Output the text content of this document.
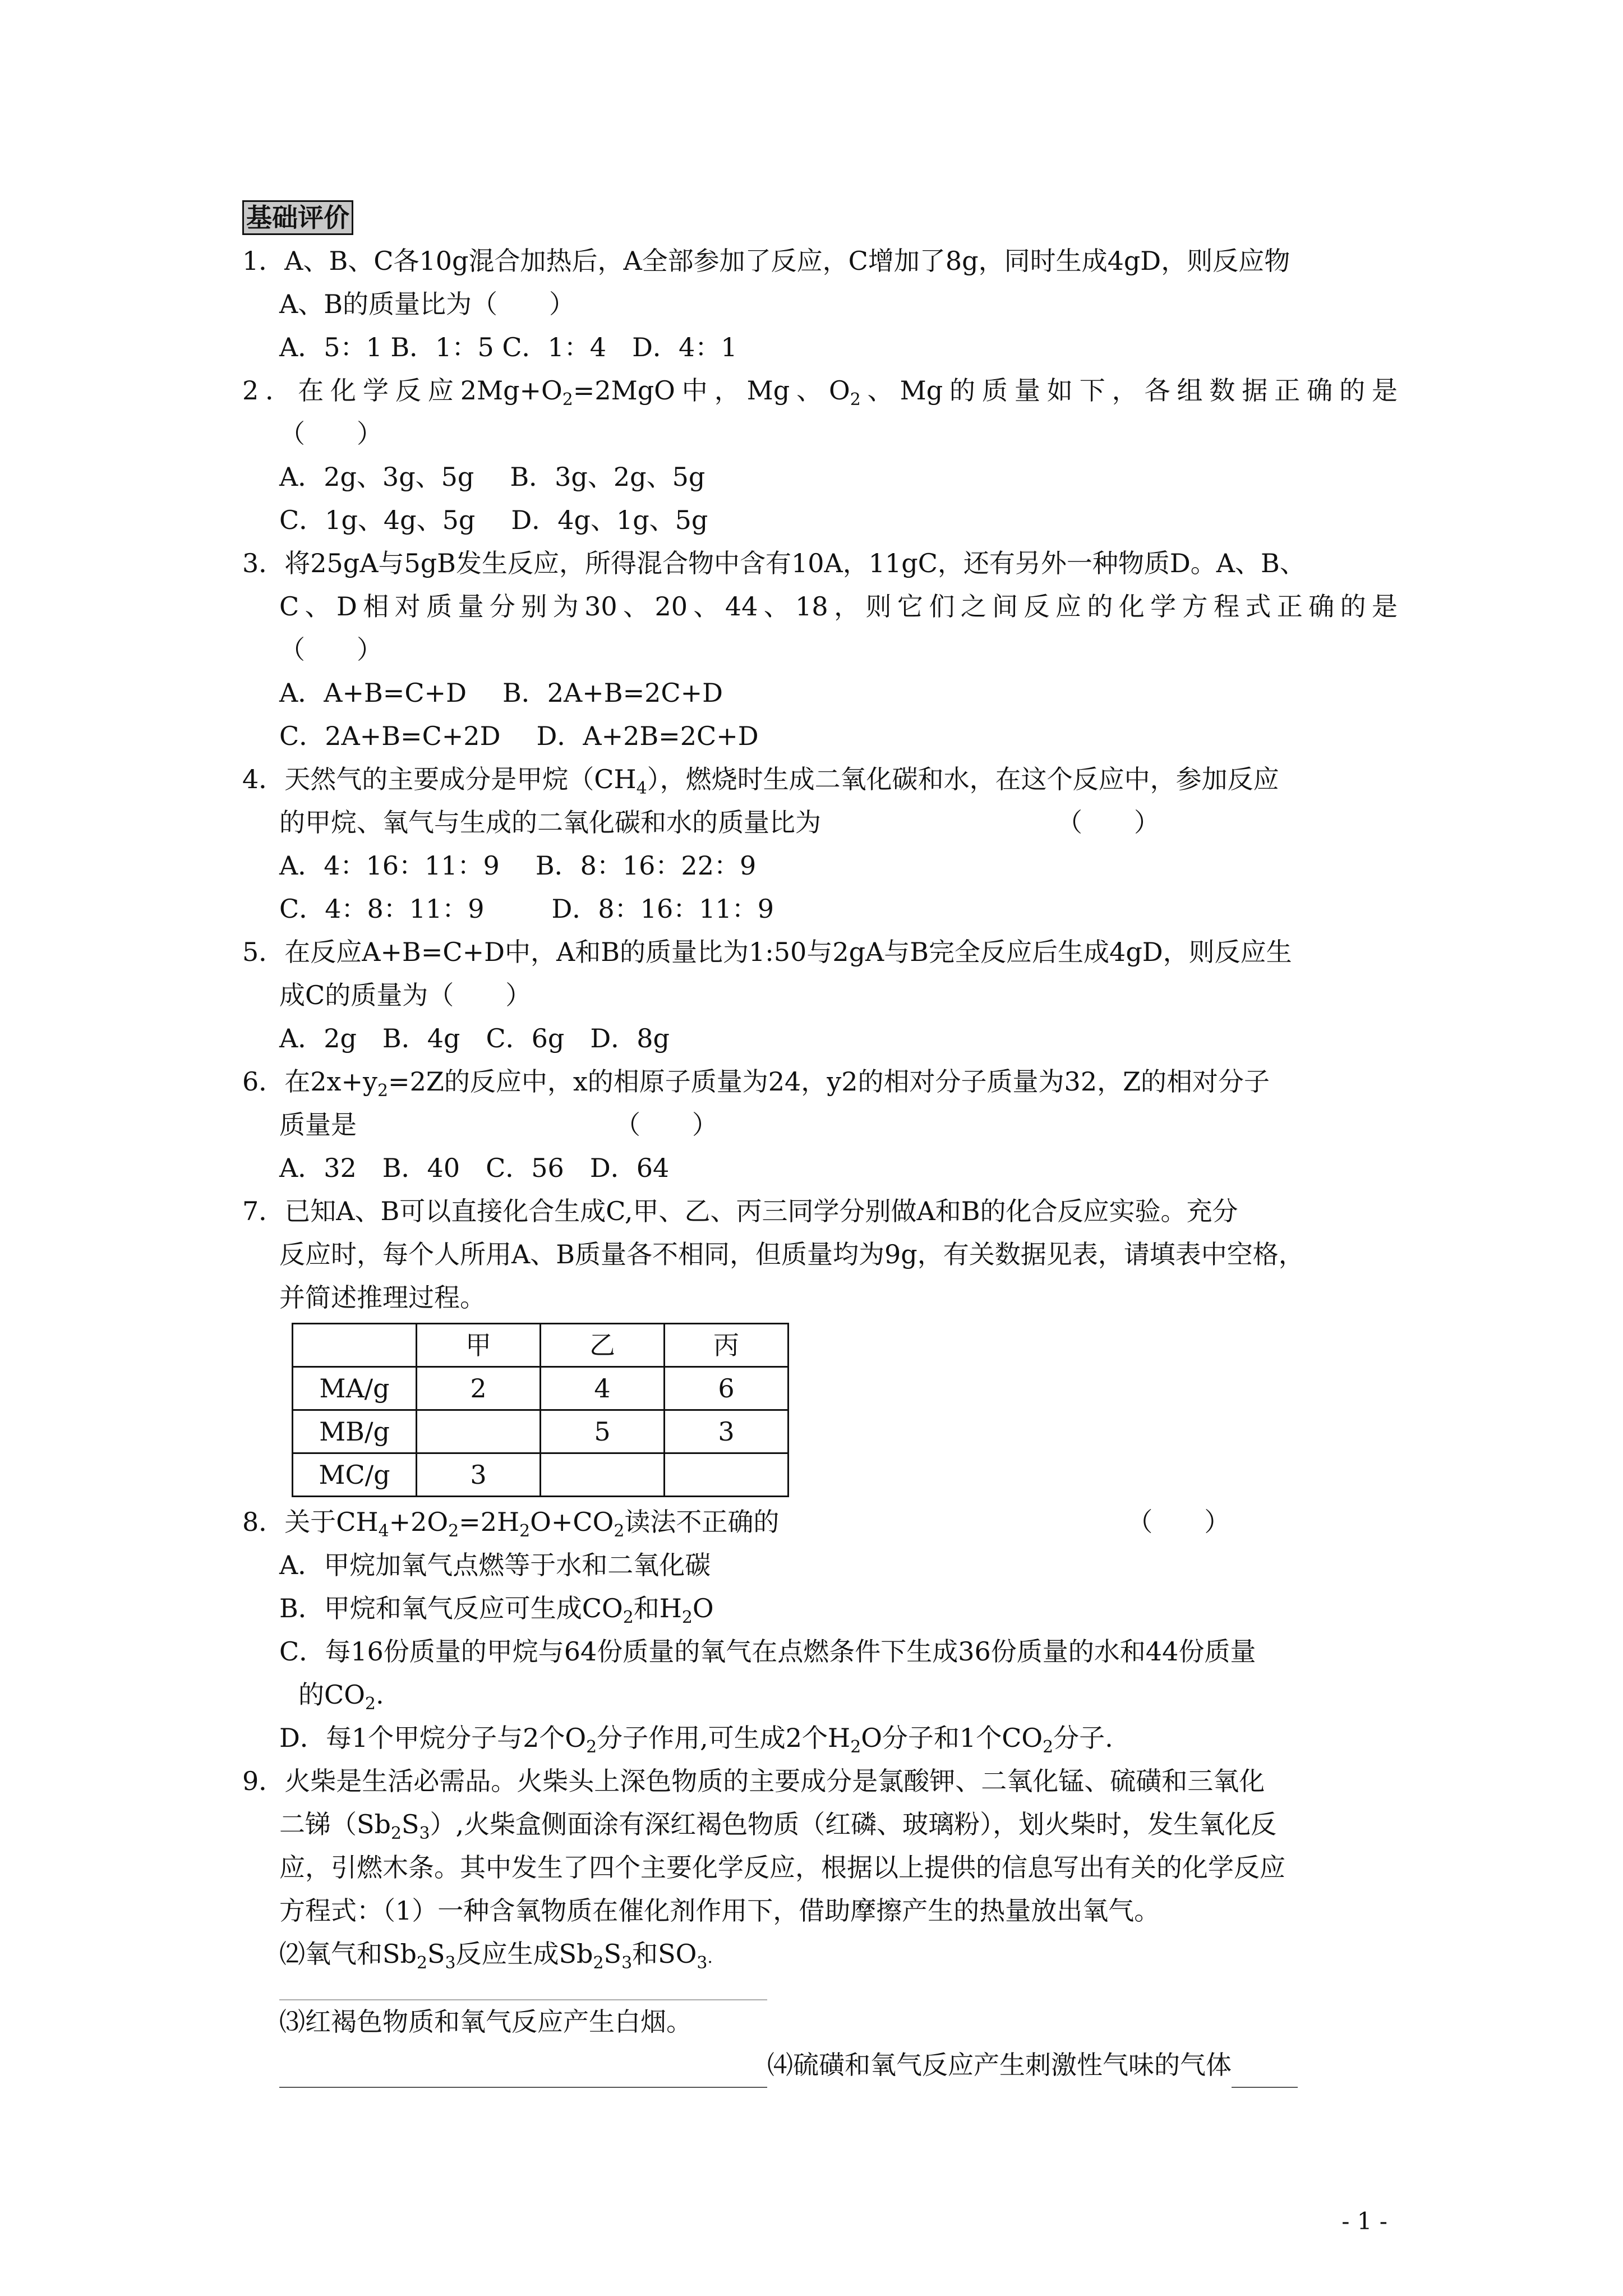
基础评价
1．A、B、C各10g混合加热后，A全部参加了反应，C增加了8g，同时生成4gD，则反应物
A、B的质量比为（　　）
A．5：1 B．1：5 C．1：4　D．4：1
2．在化学反应$2Mg+O_2=2MgO$中，Mg、$O_2$、Mg的质量如下，各组数据正确的是
（　　）
A．2g、3g、5g B．3g、2g、5g
C．1g、4g、5g D．4g、1g、5g
3．将25gA与5gB发生反应，所得混合物中含有10A，11gC，还有另外一种物质D。A、B、
C、D相对质量分别为30、20、44、18，则它们之间反应的化学方程式正确的是
（　　）
A．A+B=C+D B．2A+B=2C+D
C．2A+B=C+2D D．A+2B=2C+D
4．天然气的主要成分是甲烷$(CH_4)$，燃烧时生成二氧化碳和水，在这个反应中，参加反应
的甲烷、氧气与生成的二氧化碳和水的质量比为	（　　）
A．4：16：11：9 B．8：16：22：9
C．4：8：11：9	D．8：16：11：9
5．在反应A+B=C+D中，A和B的质量比为1:50与2gA与B完全反应后生成4gD，则反应生
成C的质量为（　　）
A．2g　B．4g　C．6g　D．8g
6．在$2x+y_2=2Z$的反应中，x的相原子质量为24，y2的相对分子质量为32，Z的相对分子
质量是	（　　）
A．32　B．40　C．56　D．64
7．已知A、B可以直接化合生成C,甲、乙、丙三同学分别做A和B的化合反应实验。充分
反应时，每个人所用A、B质量各不相同，但质量均为9g，有关数据见表，请填表中空格，
并简述推理过程。
	甲	乙	丙
MA/g	2	4	6
MB/g		5	3
MC/g	3		
8．关于$CH_4+2O_2=2H_2O+CO_2$读法不正确的	（　　）
A．甲烷加氧气点燃等于水和二氧化碳
B．甲烷和氧气反应可生成$CO_2$和$H_2O$
C．每16份质量的甲烷与64份质量的氧气在点燃条件下生成36份质量的水和44份质量
的$CO_2$.
D．每1个甲烷分子与2个$O_2$分子作用,可生成2个$H_2O$分子和1个$CO_2$分子.
9．火柴是生活必需品。火柴头上深色物质的主要成分是氯酸钾、二氧化锰、硫磺和三氧化
二锑$(Sb_2S_3)$,火柴盒侧面涂有深红褐色物质（红磷、玻璃粉），划火柴时，发生氧化反
应，引燃木条。其中发生了四个主要化学反应，根据以上提供的信息写出有关的化学反应
方程式：（1）一种含氧物质在催化剂作用下，借助摩擦产生的热量放出氧气。
⑵氧气和$Sb_2S_3$反应生成$Sb_2S_3$和$SO_3$.
⑶红褐色物质和氧气反应产生白烟。
⑷硫磺和氧气反应产生刺激性气味的气体
- 1 -
